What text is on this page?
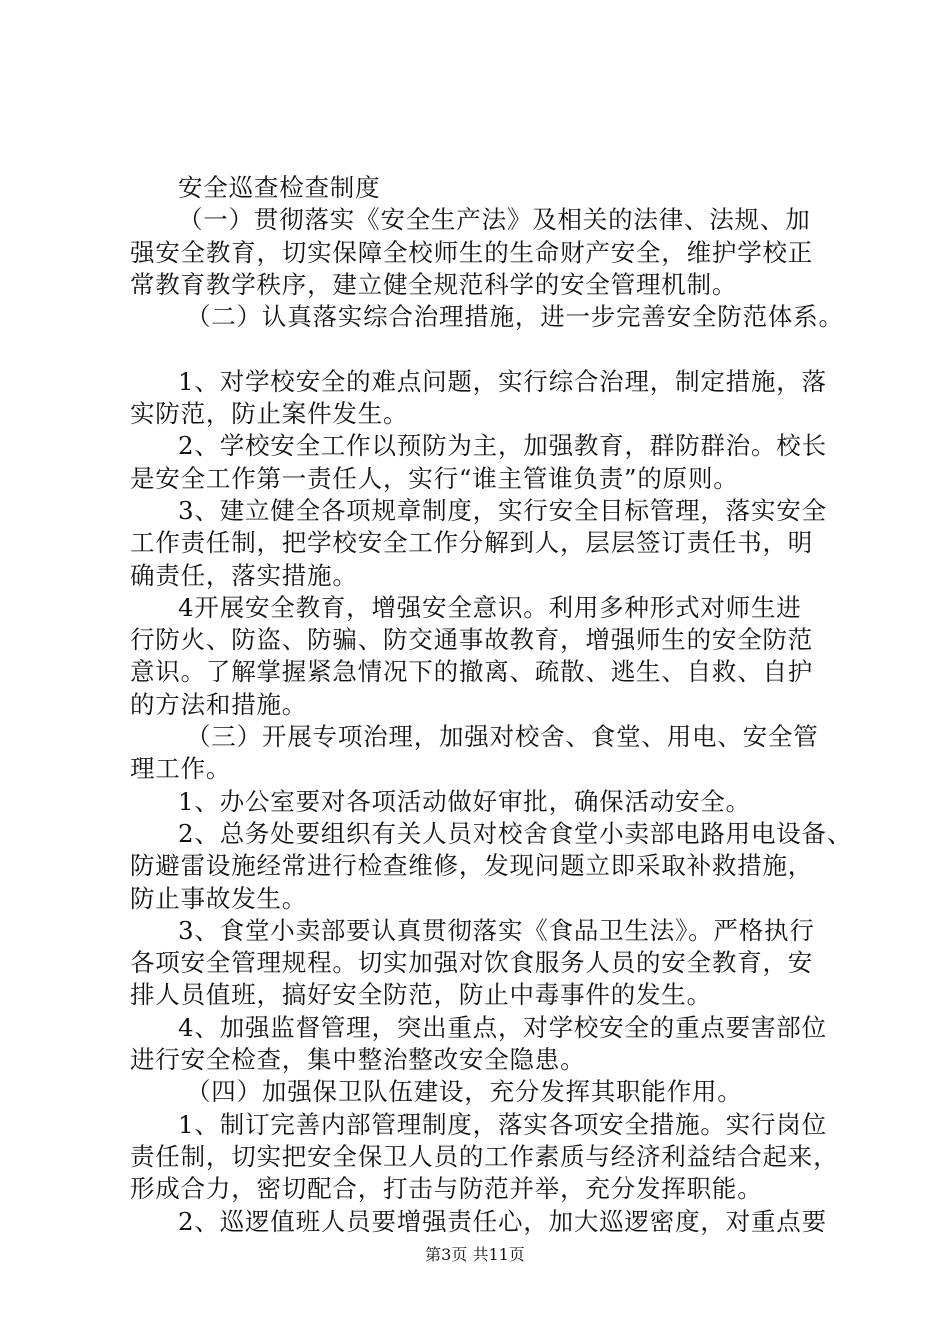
安全巡查检查制度
（一）贯彻落实《安全生产法》及相关的法律、法规、加
强安全教育，切实保障全校师生的生命财产安全，维护学校正
常教育教学秩序，建立健全规范科学的安全管理机制。
（二）认真落实综合治理措施，进一步完善安全防范体系。
1、对学校安全的难点问题，实行综合治理，制定措施，落
实防范，防止案件发生。
2、学校安全工作以预防为主，加强教育，群防群治。校长
是安全工作第一责任人，实行“谁主管谁负责”的原则。
3、建立健全各项规章制度，实行安全目标管理，落实安全
工作责任制，把学校安全工作分解到人，层层签订责任书，明
确责任，落实措施。
4开展安全教育，增强安全意识。利用多种形式对师生进
行防火、防盗、防骗、防交通事故教育，增强师生的安全防范
意识。了解掌握紧急情况下的撤离、疏散、逃生、自救、自护
的方法和措施。
（三）开展专项治理，加强对校舍、食堂、用电、安全管
理工作。
1、办公室要对各项活动做好审批，确保活动安全。
2、总务处要组织有关人员对校舍食堂小卖部电路用电设备、
防避雷设施经常进行检查维修，发现问题立即采取补救措施，
防止事故发生。
3、食堂小卖部要认真贯彻落实《食品卫生法》。严格执行
各项安全管理规程。切实加强对饮食服务人员的安全教育，安
排人员值班，搞好安全防范，防止中毒事件的发生。
4、加强监督管理，突出重点，对学校安全的重点要害部位
进行安全检查，集中整治整改安全隐患。
（四）加强保卫队伍建设，充分发挥其职能作用。
1、制订完善内部管理制度，落实各项安全措施。实行岗位
责任制，切实把安全保卫人员的工作素质与经济利益结合起来，
形成合力，密切配合，打击与防范并举，充分发挥职能。
2、巡逻值班人员要增强责任心，加大巡逻密度，对重点要
第3页 共11页
